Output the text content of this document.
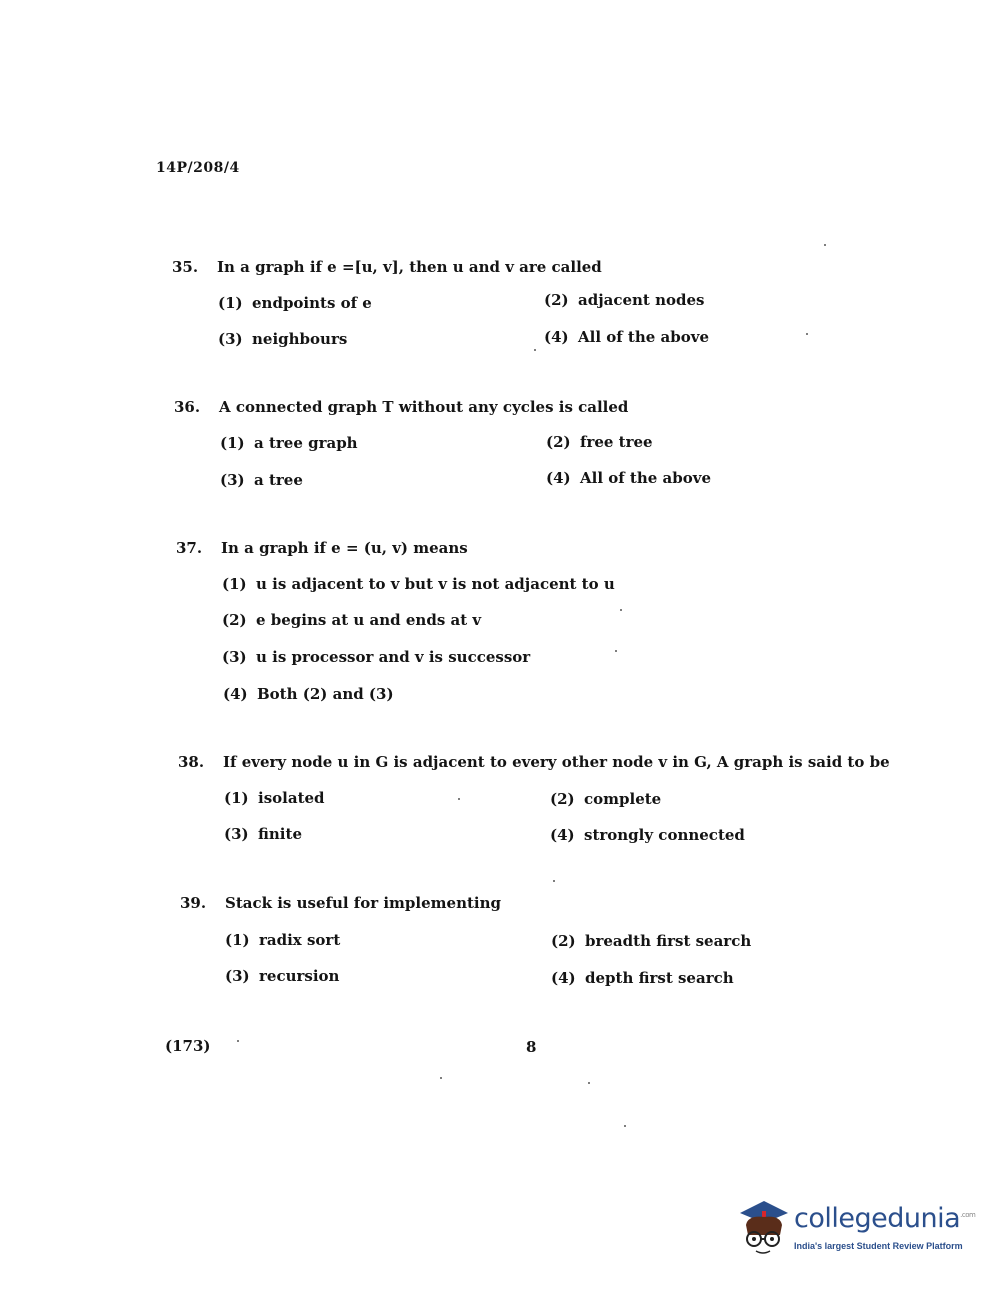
14P/208/4
35. In a graph if e =[u, v], then u and v are called
(1) endpoints of e	(2) adjacent nodes
(3) neighbours	(4) All of the above
36. A connected graph T without any cycles is called
(1) a tree graph	(2) free tree
(3) a tree	(4) All of the above
37. In a graph if e = (u, v) means
(1) u is adjacent to v but v is not adjacent to u
(2) e begins at u and ends at v
(3) u is processor and v is successor
(4) Both (2) and (3)
38. If every node u in G is adjacent to every other node v in G, A graph is said to be
(1) isolated	(2) complete
(3) finite	(4) strongly connected
39. Stack is useful for implementing
(1) radix sort	(2) breadth first search
(3) recursion	(4) depth first search
(173)	8
collegedunia$^{.com}$
India's largest Student Review Platform
